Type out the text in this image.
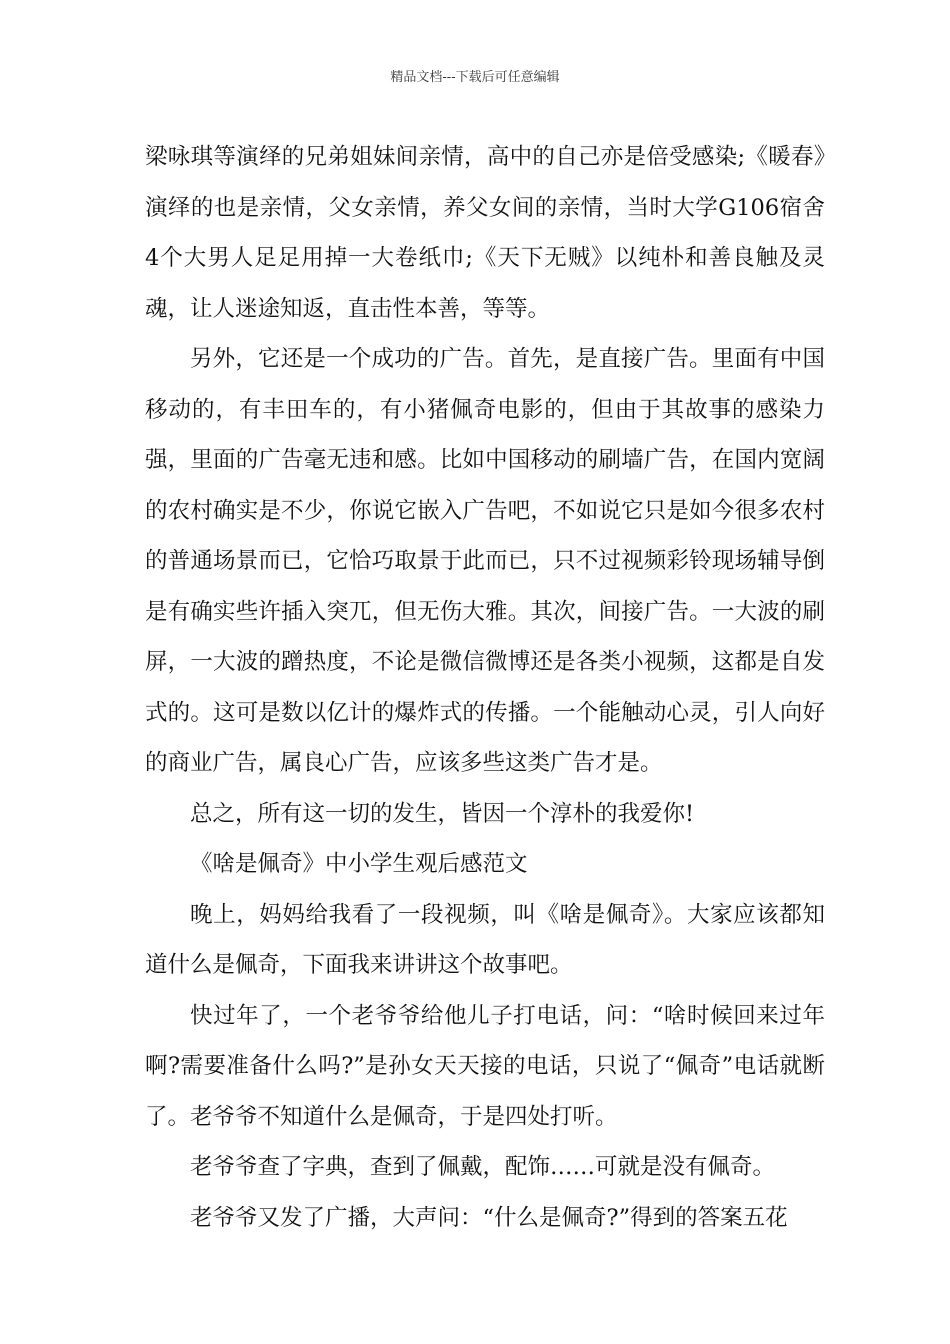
精品文档---下载后可任意编辑

梁咏琪等演绎的兄弟姐妹间亲情，高中的自己亦是倍受感染;《暖春》演绎的也是亲情，父女亲情，养父女间的亲情，当时大学G106宿舍4个大男人足足用掉一大卷纸巾;《天下无贼》以纯朴和善良触及灵魂，让人迷途知返，直击性本善，等等。

另外，它还是一个成功的广告。首先，是直接广告。里面有中国移动的，有丰田车的，有小猪佩奇电影的，但由于其故事的感染力强，里面的广告毫无违和感。比如中国移动的刷墙广告，在国内宽阔的农村确实是不少，你说它嵌入广告吧，不如说它只是如今很多农村的普通场景而已，它恰巧取景于此而已，只不过视频彩铃现场辅导倒是有确实些许插入突兀，但无伤大雅。其次，间接广告。一大波的刷屏，一大波的蹭热度，不论是微信微博还是各类小视频，这都是自发式的。这可是数以亿计的爆炸式的传播。一个能触动心灵，引人向好的商业广告，属良心广告，应该多些这类广告才是。

总之，所有这一切的发生，皆因一个淳朴的我爱你!

《啥是佩奇》中小学生观后感范文

晚上，妈妈给我看了一段视频，叫《啥是佩奇》。大家应该都知道什么是佩奇，下面我来讲讲这个故事吧。

快过年了，一个老爷爷给他儿子打电话，问：“啥时候回来过年啊?需要准备什么吗?”是孙女天天接的电话，只说了“佩奇”电话就断了。老爷爷不知道什么是佩奇，于是四处打听。

老爷爷查了字典，查到了佩戴，配饰……可就是没有佩奇。

老爷爷又发了广播，大声问：“什么是佩奇?”得到的答案五花
